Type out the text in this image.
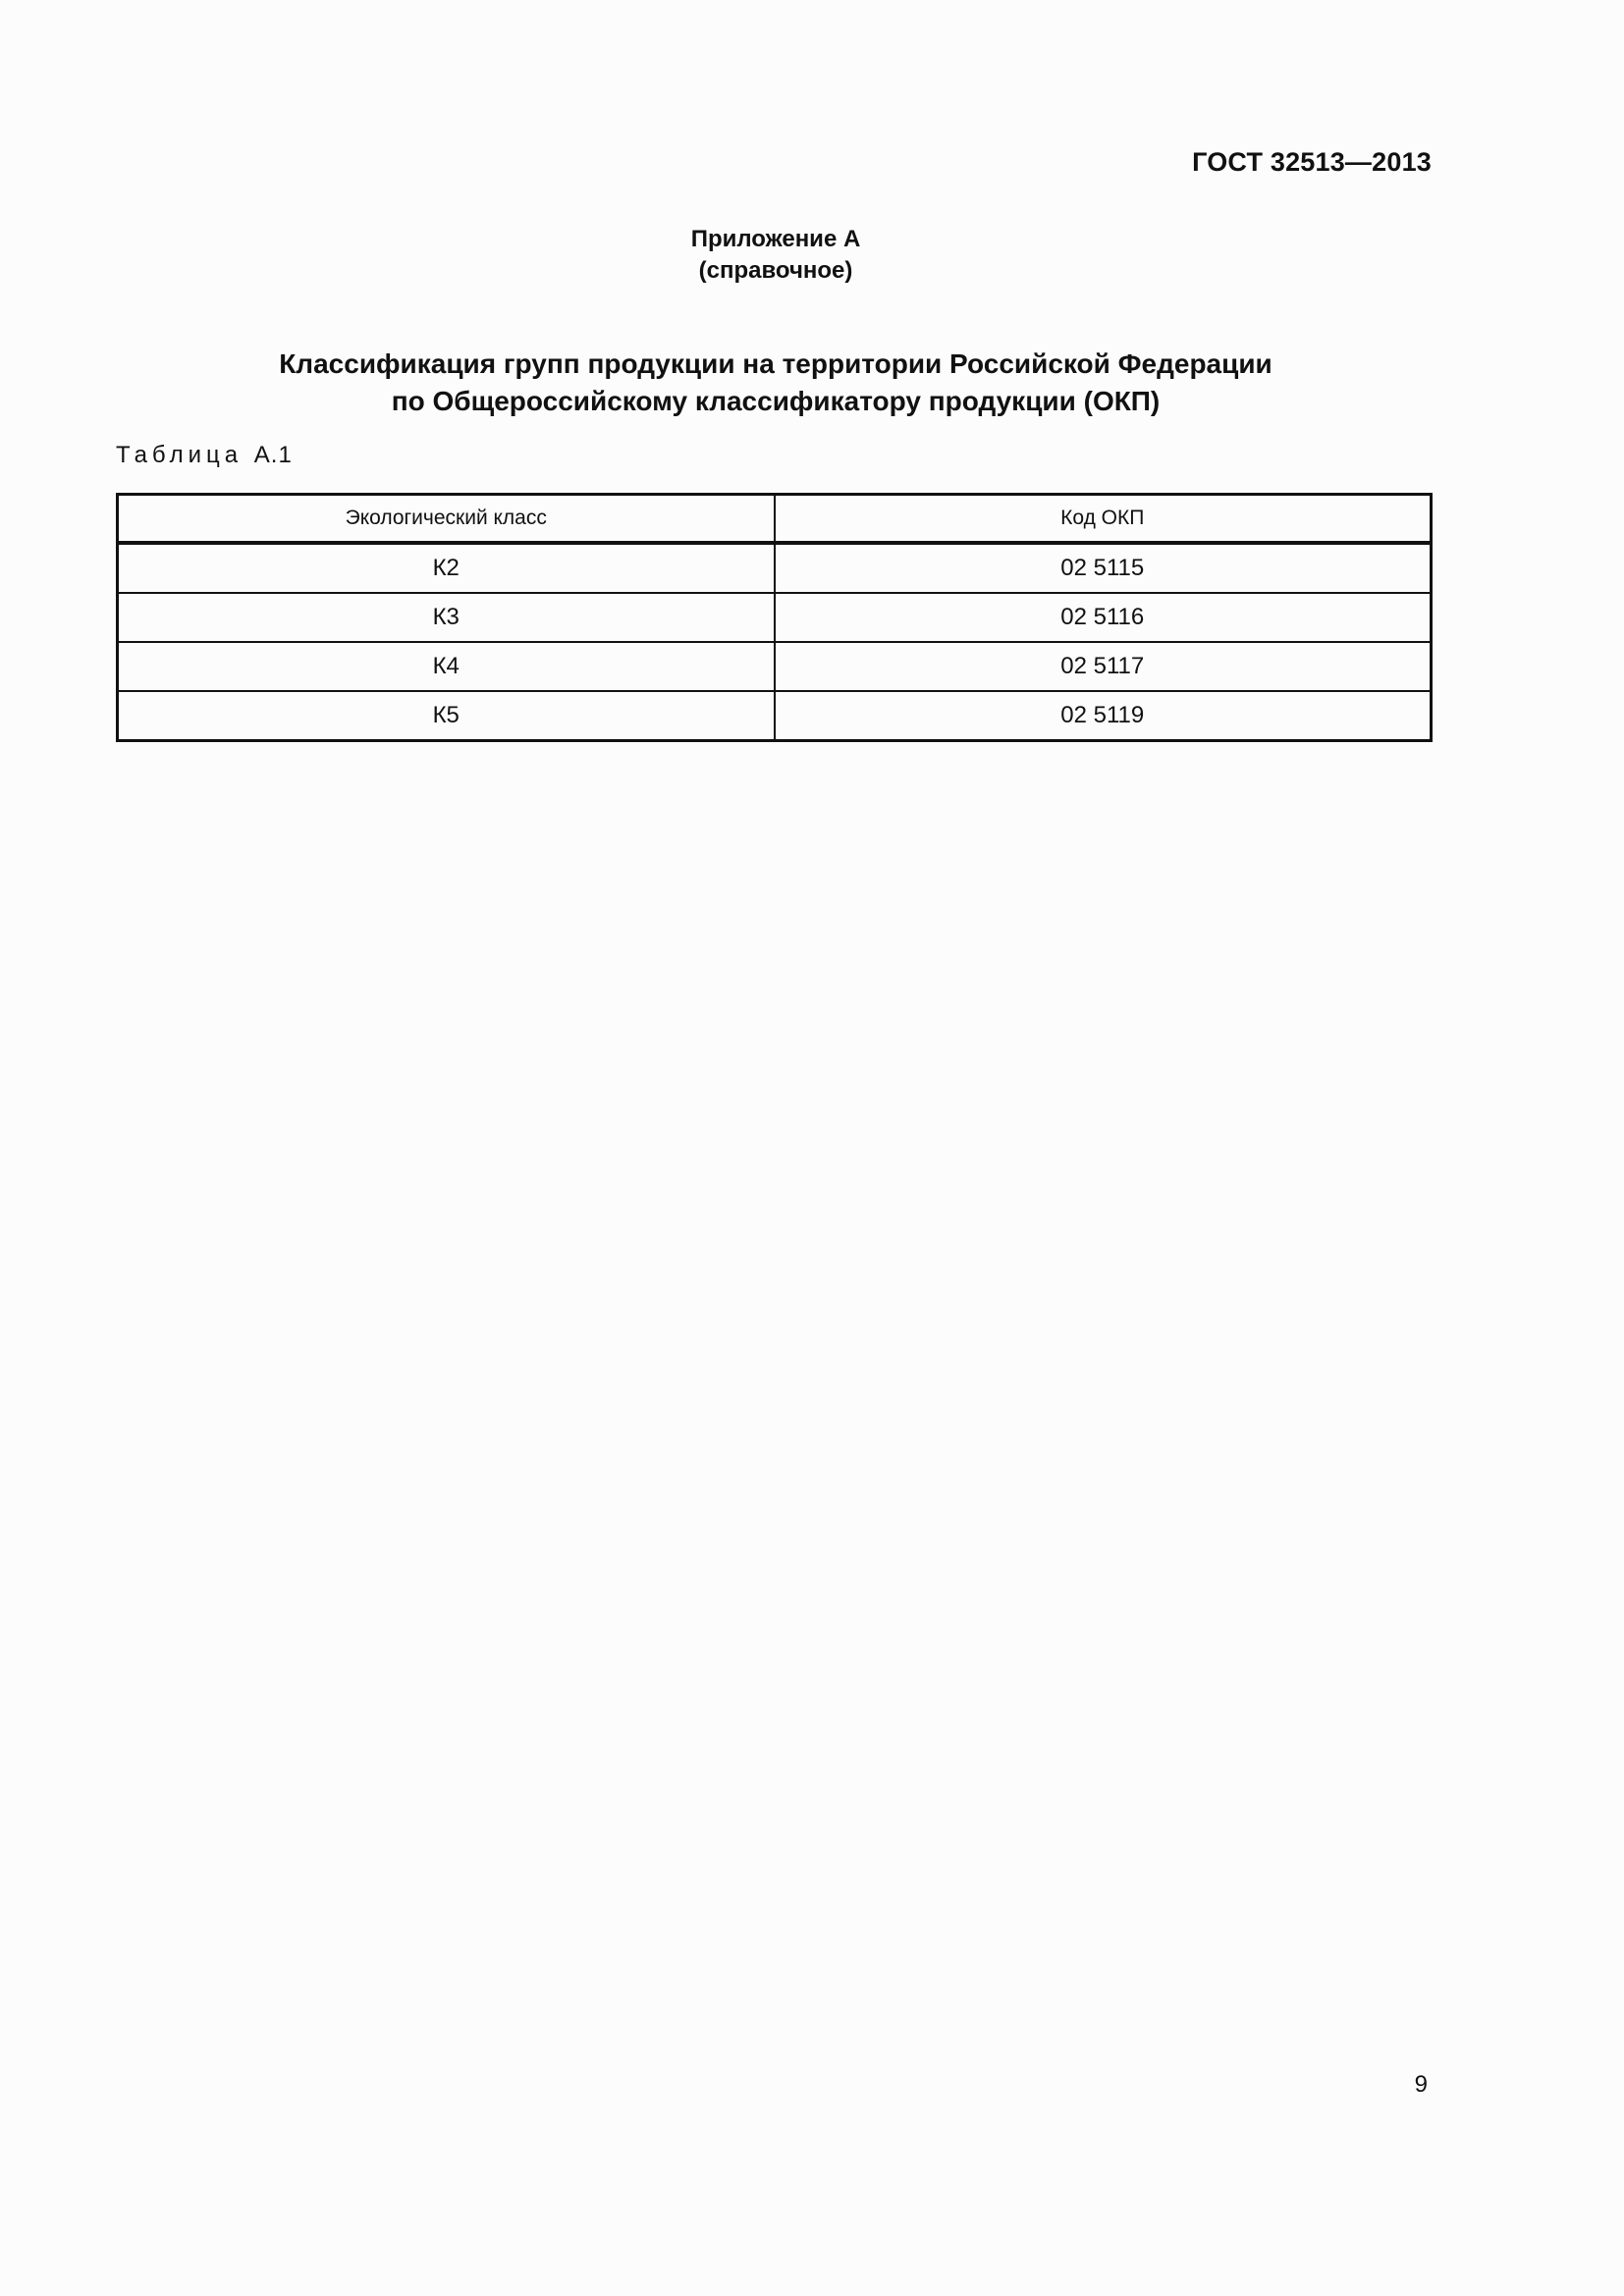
ГОСТ 32513—2013
Приложение А
(справочное)
Классификация групп продукции на территории Российской Федерации
по Общероссийскому классификатору продукции (ОКП)
Таблица А.1
Экологический класс	Код ОКП
К2	02 5115
К3	02 5116
К4	02 5117
К5	02 5119
9
